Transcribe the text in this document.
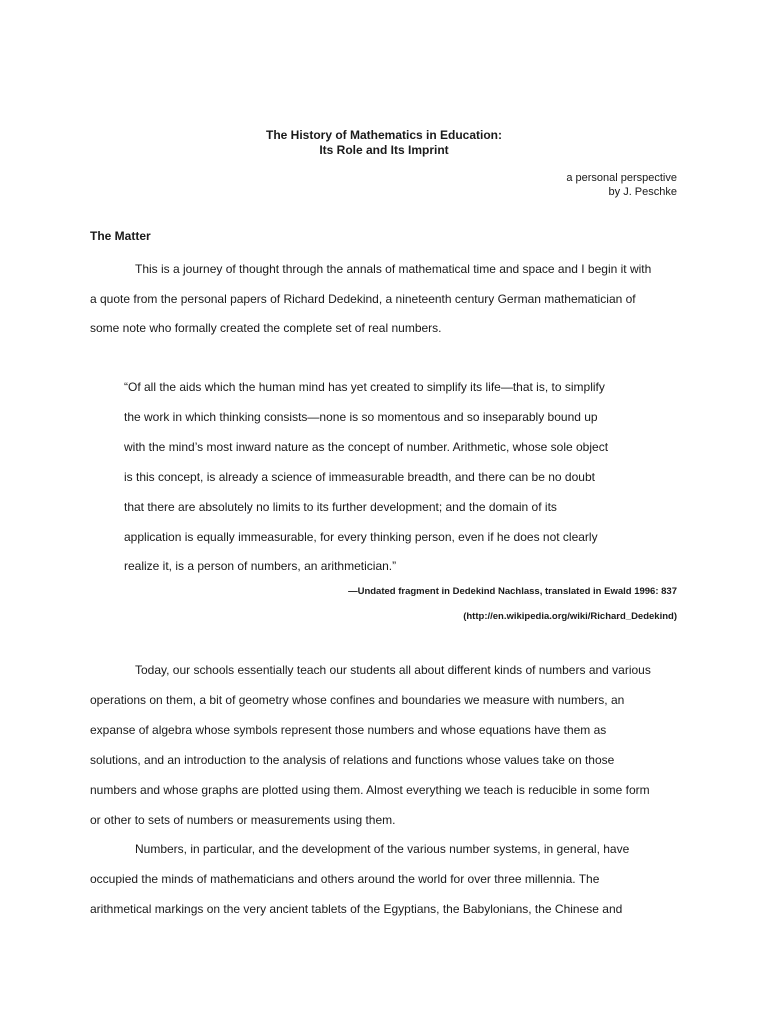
The History of Mathematics in Education:
Its Role and Its Imprint
a personal perspective
by J. Peschke
The Matter
This is a journey of thought through the annals of mathematical time and space and I begin it with
a quote from the personal papers of Richard Dedekind, a nineteenth century German mathematician of
some note who formally created the complete set of real numbers.
“Of all the aids which the human mind has yet created to simplify its life—that is, to simplify
the work in which thinking consists—none is so momentous and so inseparably bound up
with the mind’s most inward nature as the concept of number. Arithmetic, whose sole object
is this concept, is already a science of immeasurable breadth, and there can be no doubt
that there are absolutely no limits to its further development; and the domain of its
application is equally immeasurable, for every thinking person, even if he does not clearly
realize it, is a person of numbers, an arithmetician.”
—Undated fragment in Dedekind Nachlass, translated in Ewald 1996: 837
(http://en.wikipedia.org/wiki/Richard_Dedekind)
Today, our schools essentially teach our students all about different kinds of numbers and various
operations on them, a bit of geometry whose confines and boundaries we measure with numbers, an
expanse of algebra whose symbols represent those numbers and whose equations have them as
solutions, and an introduction to the analysis of relations and functions whose values take on those
numbers and whose graphs are plotted using them. Almost everything we teach is reducible in some form
or other to sets of numbers or measurements using them.
Numbers, in particular, and the development of the various number systems, in general, have
occupied the minds of mathematicians and others around the world for over three millennia. The
arithmetical markings on the very ancient tablets of the Egyptians, the Babylonians, the Chinese and
